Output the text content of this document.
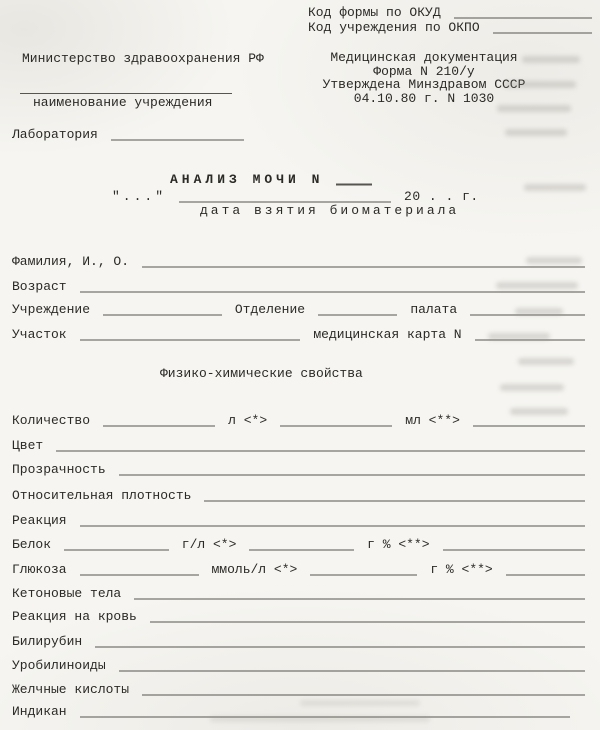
Код формы по ОКУД
Код учреждения по ОКПО
Министерство здравоохранения РФ	Медицинская документация
Форма N 210/у
Утверждена Минздравом СССР
04.10.80 г. N 1030
наименование учреждения
Лаборатория
АНАЛИЗ МОЧИ N
"..."	20 . . г.
дата взятия биоматериала
Фамилия, И., О.
Возраст
Учреждение	Отделение	палата
Участок	медицинская карта N
Физико-химические свойства
Количество	л <*>	мл <**>
Цвет
Прозрачность
Относительная плотность
Реакция
Белок	г/л <*>	г % <**>
Глюкоза	ммоль/л <*>	г % <**>
Кетоновые тела
Реакция на кровь
Билирубин
Уробилиноиды
Желчные кислоты
Индикан
